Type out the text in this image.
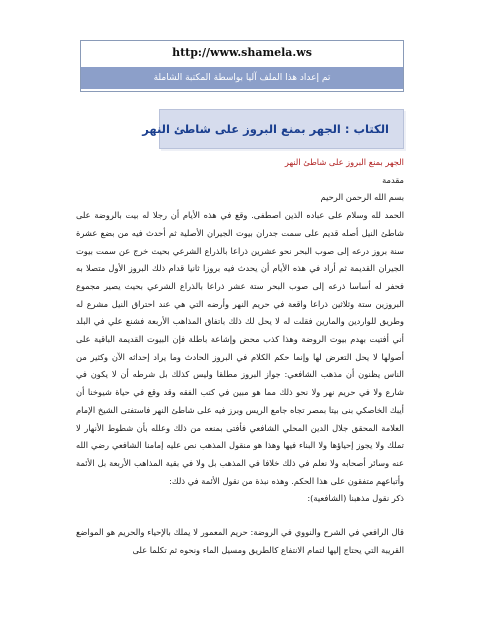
http://www.shamela.ws
تم إعداد هذا الملف آليا بواسطة المكتبة الشاملة
الكتاب : الجهر بمنع البروز على شاطئ النهر

الجهر بمنع البروز على شاطئ النهر

مقدمة

بسم الله الرحمن الرحيم

الحمد لله وسلام على عباده الذين اصطفى. وقع في هذه الأيام أن رجلا له بيت بالروضة على شاطئ النيل أصله قديم على سمت جدران بيوت الجيران الأصلية ثم أحدث فيه من بضع عشرة سنة بروز درعه إلى صوب البحر نحو عشرين ذراعا بالذراع الشرعي بحيث خرج عن سمت بيوت الجيران القديمة ثم أراد في هذه الأيام أن يحدث فيه بروزا ثانيا قدام ذلك البروز الأول متصلا به فحفر له أساسا ذرعه إلى صوب البحر ستة عشر ذراعا بالذراع الشرعي بحيث يصير مجموع البروزين ستة وثلاثين ذراعا واقعة في حريم النهر وأرضه التي هي عند احتراق النيل مشرع له وطريق للواردين والمارين فقلت له لا يحل لك ذلك باتفاق المذاهب الأربعة فشنع علي في البلد أني أفتيت بهدم بيوت الروضة وهذا كذب محض وإشاعة باطلة فإن البيوت القديمة الباقية على أصولها لا يحل التعرض لها وإنما حكم الكلام في البروز الحادث وما يراد إحداثه الآن وكثير من الناس يظنون أن مذهب الشافعي: جواز البروز مطلقا وليس كذلك بل شرطه أن لا يكون في شارع ولا في حريم نهر ولا نحو ذلك مما هو مبين في كتب الفقه وقد وقع في حياة شيوخنا أن أيبك الخاصكي بنى بيتا بمصر تجاه جامع الريس وبرز فيه على شاطئ النهر فاستفتى الشيخ الإمام العلامة المحقق جلال الدين المحلي الشافعي فأفتى بمنعه من ذلك وعلله بأن شطوط الأنهار لا تملك ولا يجوز إحياؤها ولا البناء فيها وهذا هو منقول المذهب نص عليه إمامنا الشافعي رضي الله عنه وسائر أصحابه ولا نعلم في ذلك خلافا في المذهب بل ولا في بقية المذاهب الأربعة بل الأئمة وأتباعهم متفقون على هذا الحكم. وهذه نبذة من نقول الأئمة في ذلك:

ذكر نقول مذهبنا (الشافعية):

قال الرافعي في الشرح والنووي في الروضة: حريم المعمور لا يملك بالإحياء والحريم هو المواضع القريبة التي يحتاج إليها لتمام الانتفاع كالطريق ومسيل الماء ونحوه ثم تكلما على
